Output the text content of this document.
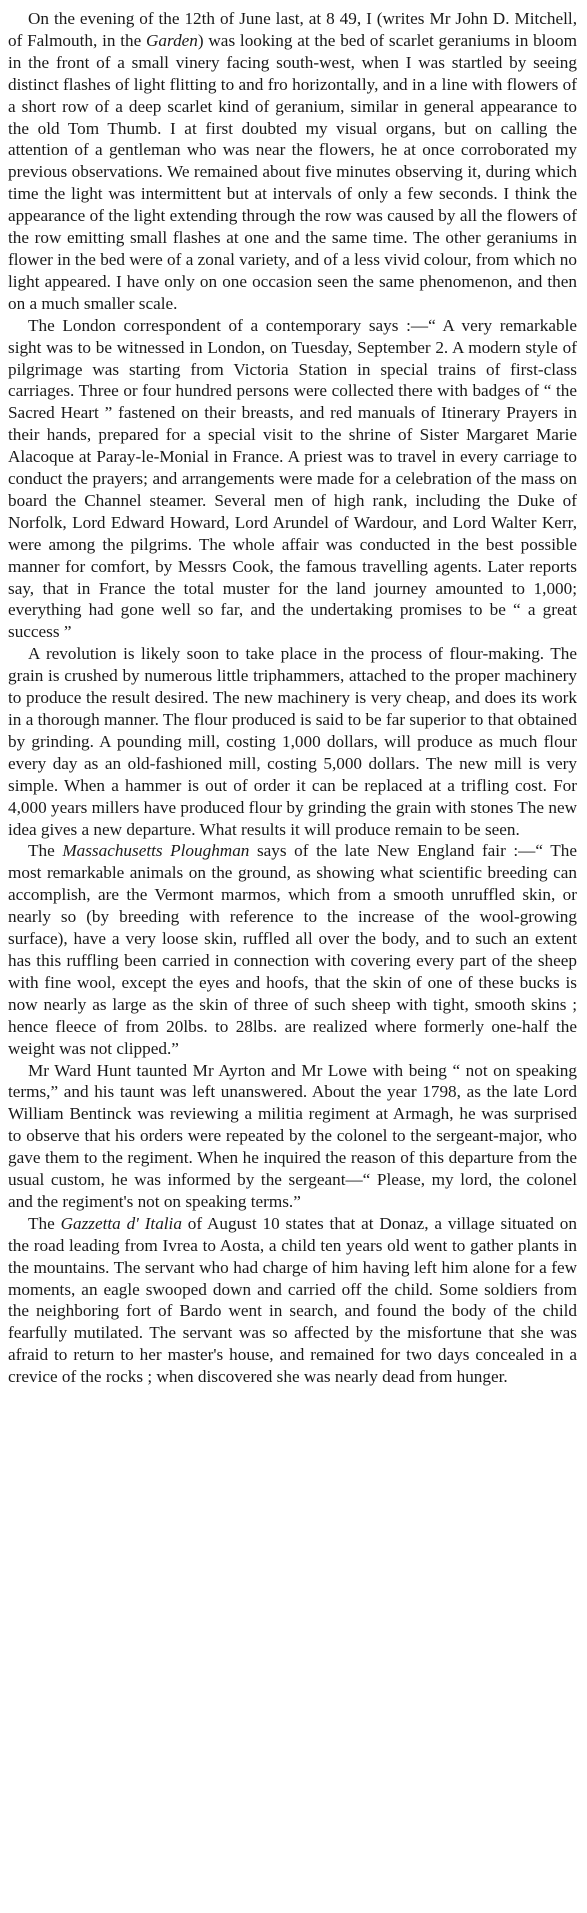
On the evening of the 12th of June last, at 8 49, I (writes Mr John D. Mitchell, of Falmouth, in the Garden) was looking at the bed of scarlet geraniums in bloom in the front of a small vinery facing south-west, when I was startled by seeing distinct flashes of light flitting to and fro horizontally, and in a line with flowers of a short row of a deep scarlet kind of geranium, similar in general appearance to the old Tom Thumb. I at first doubted my visual organs, but on calling the attention of a gentleman who was near the flowers, he at once corroborated my previous observations. We remained about five minutes observing it, during which time the light was intermittent but at intervals of only a few seconds. I think the appearance of the light extending through the row was caused by all the flowers of the row emitting small flashes at one and the same time. The other geraniums in flower in the bed were of a zonal variety, and of a less vivid colour, from which no light appeared. I have only on one occasion seen the same phenomenon, and then on a much smaller scale.

The London correspondent of a contemporary says :—“ A very remarkable sight was to be witnessed in London, on Tuesday, September 2. A modern style of pilgrimage was starting from Victoria Station in special trains of first-class carriages. Three or four hundred persons were collected there with badges of “ the Sacred Heart ” fastened on their breasts, and red manuals of Itinerary Prayers in their hands, prepared for a special visit to the shrine of Sister Margaret Marie Alacoque at Paray-le-Monial in France. A priest was to travel in every carriage to conduct the prayers; and arrangements were made for a celebration of the mass on board the Channel steamer. Several men of high rank, including the Duke of Norfolk, Lord Edward Howard, Lord Arundel of Wardour, and Lord Walter Kerr, were among the pilgrims. The whole affair was conducted in the best possible manner for comfort, by Messrs Cook, the famous travelling agents. Later reports say, that in France the total muster for the land journey amounted to 1,000; everything had gone well so far, and the undertaking promises to be “ a great success ”

A revolution is likely soon to take place in the process of flour-making. The grain is crushed by numerous little triphammers, attached to the proper machinery to produce the result desired. The new machinery is very cheap, and does its work in a thorough manner. The flour produced is said to be far superior to that obtained by grinding. A pounding mill, costing 1,000 dollars, will produce as much flour every day as an old-fashioned mill, costing 5,000 dollars. The new mill is very simple. When a hammer is out of order it can be replaced at a trifling cost. For 4,000 years millers have produced flour by grinding the grain with stones The new idea gives a new departure. What results it will produce remain to be seen.

The Massachusetts Ploughman says of the late New England fair :—“ The most remarkable animals on the ground, as showing what scientific breeding can accomplish, are the Vermont marmos, which from a smooth unruffled skin, or nearly so (by breeding with reference to the increase of the wool-growing surface), have a very loose skin, ruffled all over the body, and to such an extent has this ruffling been carried in connection with covering every part of the sheep with fine wool, except the eyes and hoofs, that the skin of one of these bucks is now nearly as large as the skin of three of such sheep with tight, smooth skins ; hence fleece of from 20lbs. to 28lbs. are realized where formerly one-half the weight was not clipped.”

Mr Ward Hunt taunted Mr Ayrton and Mr Lowe with being “ not on speaking terms,” and his taunt was left unanswered. About the year 1798, as the late Lord William Bentinck was reviewing a militia regiment at Armagh, he was surprised to observe that his orders were repeated by the colonel to the sergeant-major, who gave them to the regiment. When he inquired the reason of this departure from the usual custom, he was informed by the sergeant—“ Please, my lord, the colonel and the regiment's not on speaking terms.”

The Gazzetta d' Italia of August 10 states that at Donaz, a village situated on the road leading from Ivrea to Aosta, a child ten years old went to gather plants in the mountains. The servant who had charge of him having left him alone for a few moments, an eagle swooped down and carried off the child. Some soldiers from the neighboring fort of Bardo went in search, and found the body of the child fearfully mutilated. The servant was so affected by the misfortune that she was afraid to return to her master's house, and remained for two days concealed in a crevice of the rocks ; when discovered she was nearly dead from hunger.
